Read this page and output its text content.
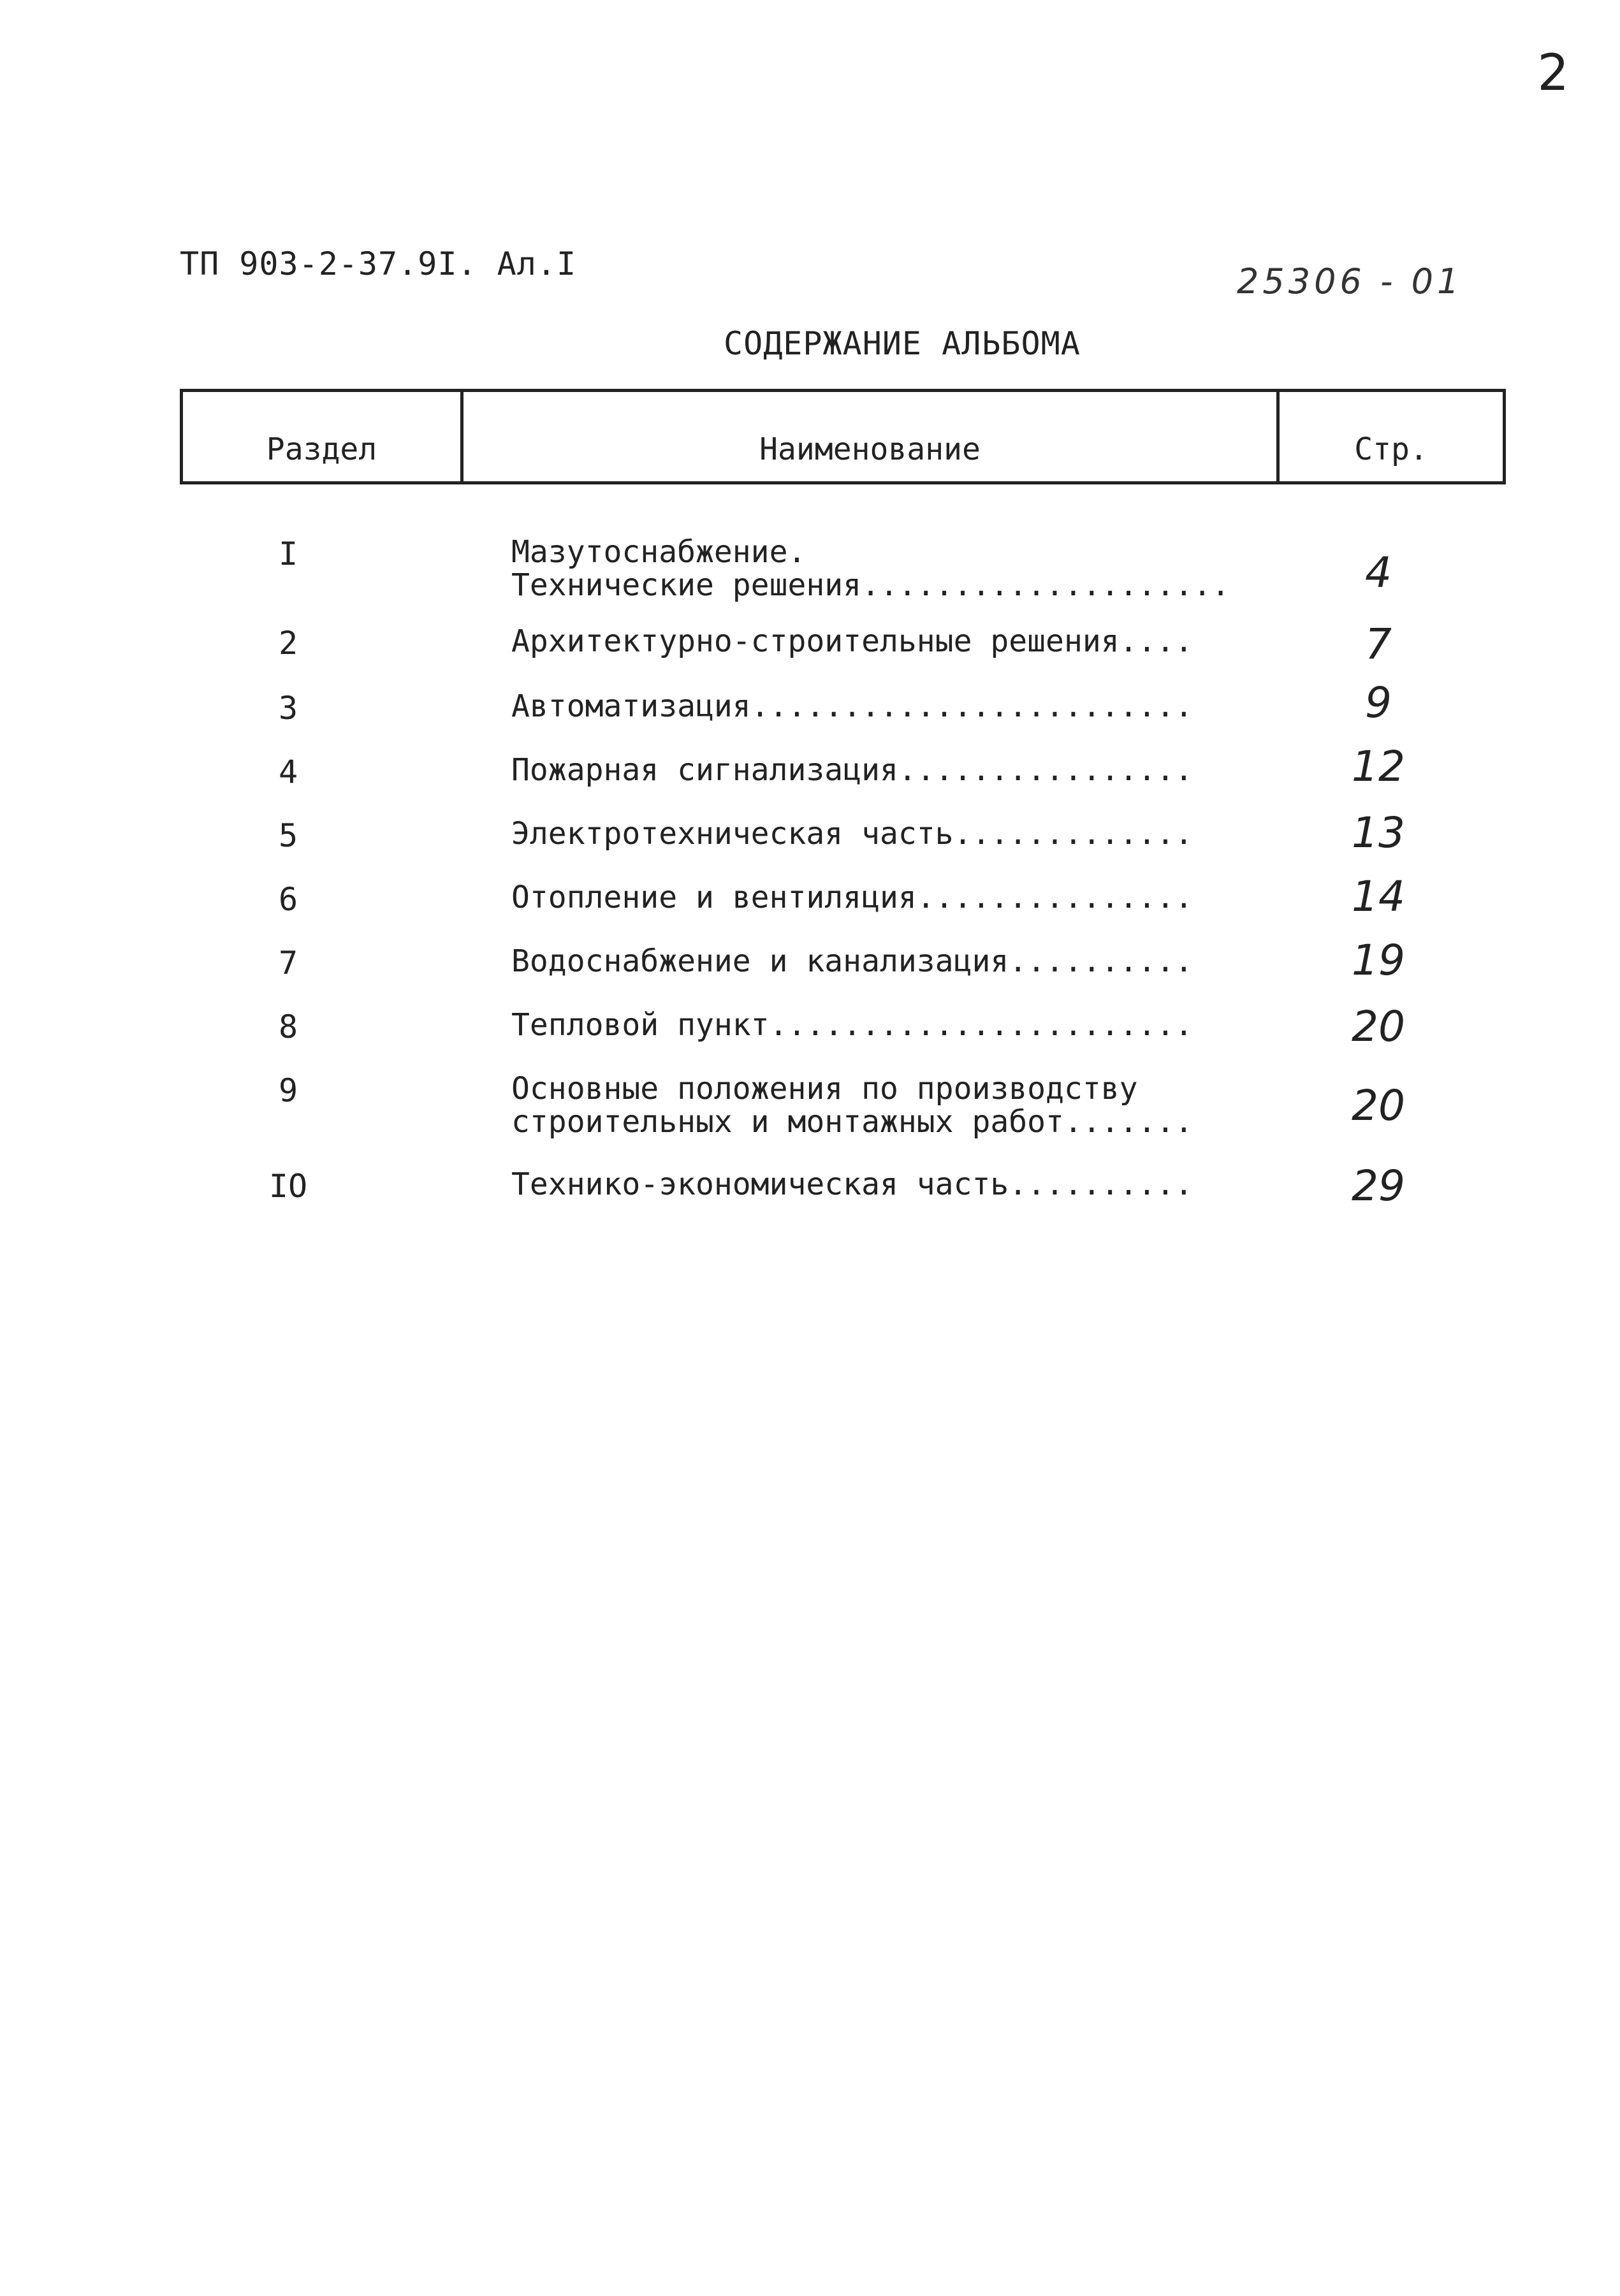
2
ТП 903-2-37.9I. Ал.I	25306 - 01
СОДЕРЖАНИЕ АЛЬБОМА
Раздел	Наименование	Стр.
I	Мазутоснабжение.
Технические решения....................	4
2	Архитектурно-строительные решения....	7
3	Автоматизация........................	9
4	Пожарная сигнализация................	12
5	Электротехническая часть.............	13
6	Отопление и вентиляция...............	14
7	Водоснабжение и канализация..........	19
8	Тепловой пункт.......................	20
9	Основные положения по производству
строительных и монтажных работ.......	20
IO	Технико-экономическая часть..........	29
